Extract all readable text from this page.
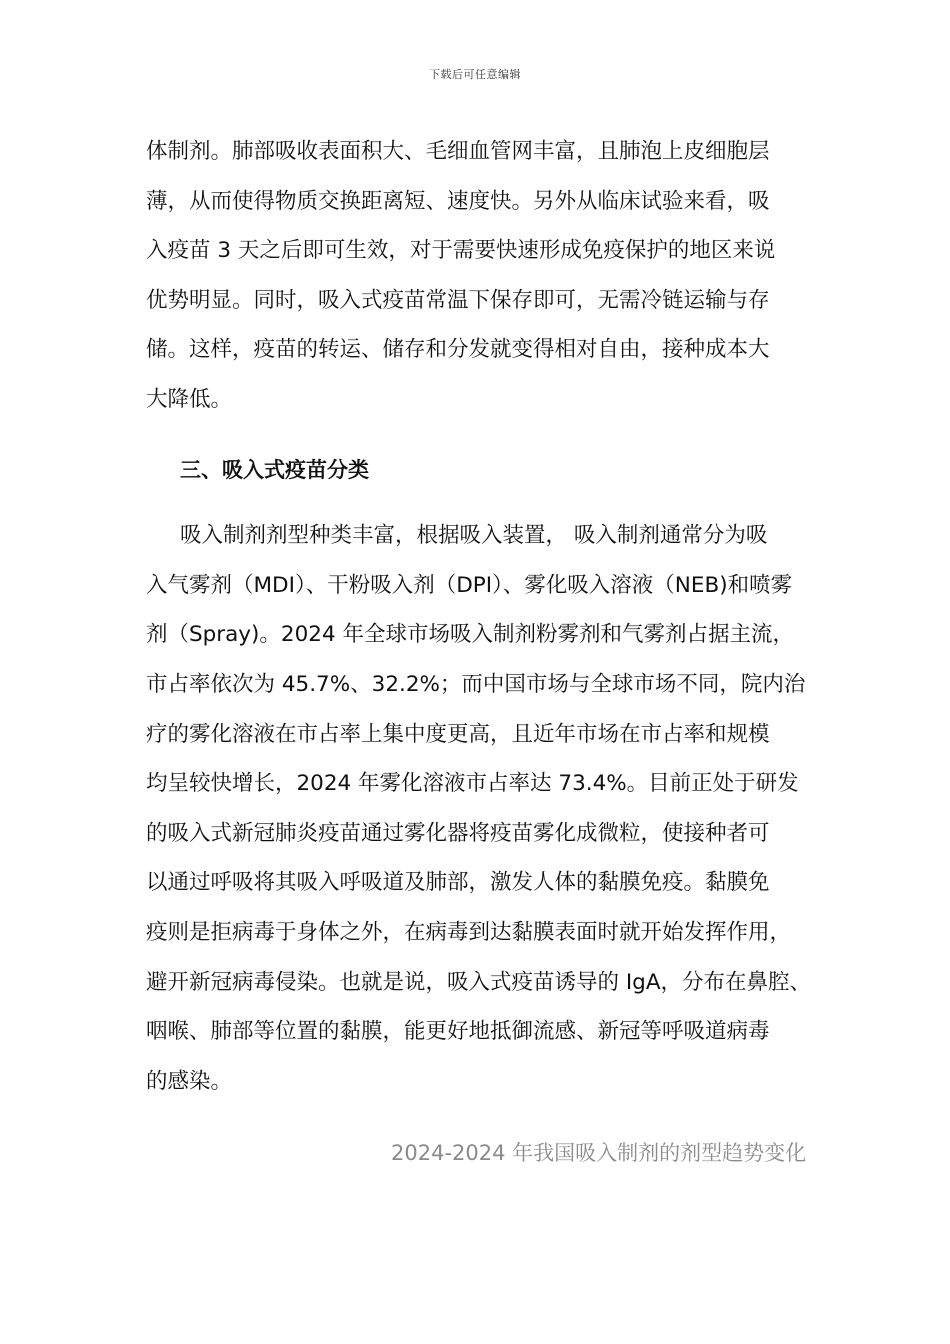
下载后可任意编辑
体制剂。肺部吸收表面积大、毛细血管网丰富，且肺泡上皮细胞层
薄，从而使得物质交换距离短、速度快。另外从临床试验来看，吸
入疫苗 3 天之后即可生效，对于需要快速形成免疫保护的地区来说
优势明显。同时，吸入式疫苗常温下保存即可，无需冷链运输与存
储。这样，疫苗的转运、储存和分发就变得相对自由，接种成本大
大降低。
三、吸入式疫苗分类
吸入制剂剂型种类丰富，根据吸入装置， 吸入制剂通常分为吸
入气雾剂（MDI）、干粉吸入剂（DPI）、雾化吸入溶液（NEB)和喷雾
剂（Spray)。2024 年全球市场吸入制剂粉雾剂和气雾剂占据主流，
市占率依次为 45.7%、32.2%；而中国市场与全球市场不同，院内治
疗的雾化溶液在市占率上集中度更高，且近年市场在市占率和规模
均呈较快增长，2024 年雾化溶液市占率达 73.4%。目前正处于研发
的吸入式新冠肺炎疫苗通过雾化器将疫苗雾化成微粒，使接种者可
以通过呼吸将其吸入呼吸道及肺部，激发人体的黏膜免疫。黏膜免
疫则是拒病毒于身体之外，在病毒到达黏膜表面时就开始发挥作用，
避开新冠病毒侵染。也就是说，吸入式疫苗诱导的 IgA，分布在鼻腔、
咽喉、肺部等位置的黏膜，能更好地抵御流感、新冠等呼吸道病毒
的感染。
2024-2024 年我国吸入制剂的剂型趋势变化
